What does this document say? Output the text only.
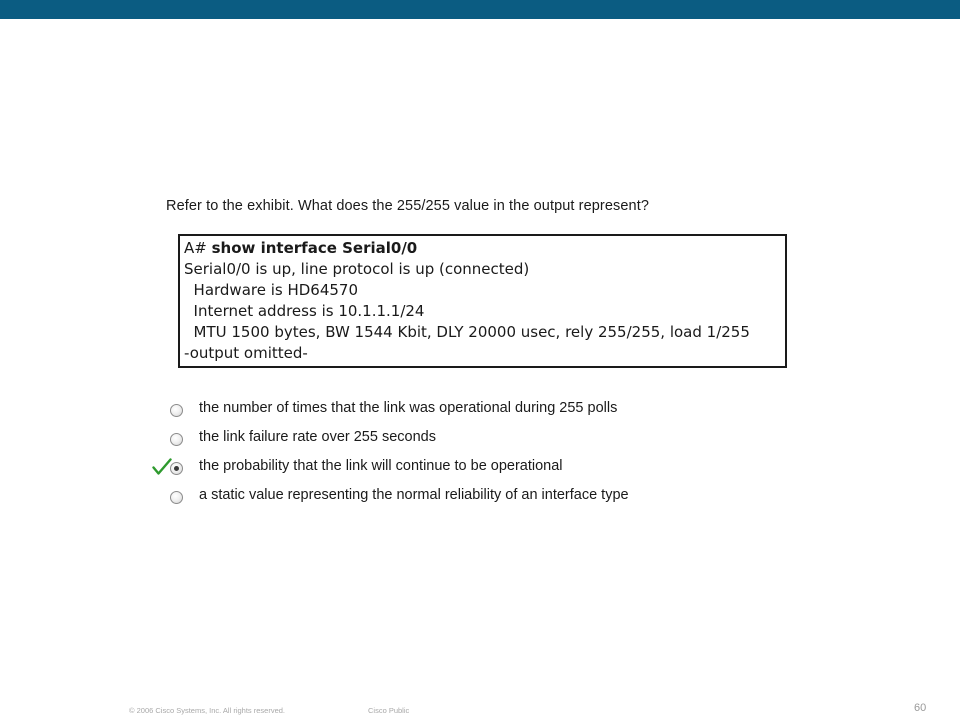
Refer to the exhibit. What does the 255/255 value in the output represent?
A# show interface Serial0/0
Serial0/0 is up, line protocol is up (connected)
Hardware is HD64570
Internet address is 10.1.1.1/24
MTU 1500 bytes, BW 1544 Kbit, DLY 20000 usec, rely 255/255, load 1/255
-output omitted-
the number of times that the link was operational during 255 polls
the link failure rate over 255 seconds
the probability that the link will continue to be operational
a static value representing the normal reliability of an interface type
© 2006 Cisco Systems, Inc. All rights reserved.	Cisco Public	60
